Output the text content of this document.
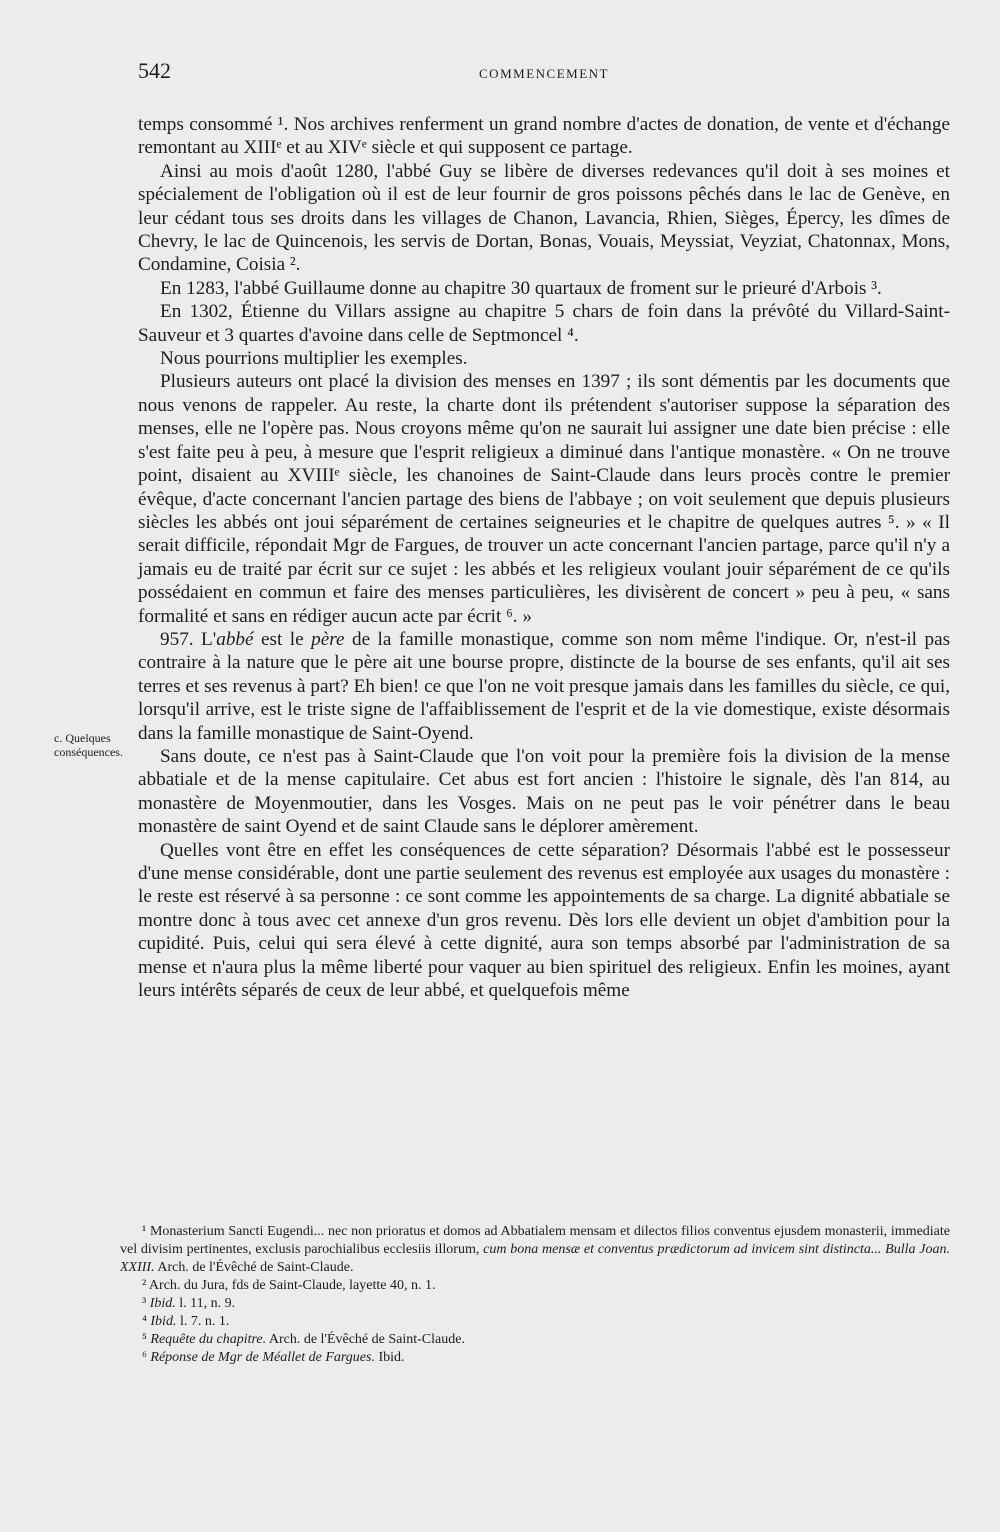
542	COMMENCEMENT
c. Quelques conséquences.

temps consommé ¹. Nos archives renferment un grand nombre d'actes de donation, de vente et d'échange remontant au XIIIᵉ et au XIVᵉ siècle et qui supposent ce partage.

Ainsi au mois d'août 1280, l'abbé Guy se libère de diverses redevances qu'il doit à ses moines et spécialement de l'obligation où il est de leur fournir de gros poissons pêchés dans le lac de Genève, en leur cédant tous ses droits dans les villages de Chanon, Lavancia, Rhien, Sièges, Épercy, les dîmes de Chevry, le lac de Quincenois, les servis de Dortan, Bonas, Vouais, Meyssiat, Veyziat, Chatonnax, Mons, Condamine, Coisia ².

En 1283, l'abbé Guillaume donne au chapitre 30 quartaux de froment sur le prieuré d'Arbois ³.

En 1302, Étienne du Villars assigne au chapitre 5 chars de foin dans la prévôté du Villard-Saint-Sauveur et 3 quartes d'avoine dans celle de Septmoncel ⁴.

Nous pourrions multiplier les exemples.

Plusieurs auteurs ont placé la division des menses en 1397 ; ils sont démentis par les documents que nous venons de rappeler. Au reste, la charte dont ils prétendent s'autoriser suppose la séparation des menses, elle ne l'opère pas. Nous croyons même qu'on ne saurait lui assigner une date bien précise : elle s'est faite peu à peu, à mesure que l'esprit religieux a diminué dans l'antique monastère. « On ne trouve point, disaient au XVIIIᵉ siècle, les chanoines de Saint-Claude dans leurs procès contre le premier évêque, d'acte concernant l'ancien partage des biens de l'abbaye ; on voit seulement que depuis plusieurs siècles les abbés ont joui séparément de certaines seigneuries et le chapitre de quelques autres ⁵. » « Il serait difficile, répondait Mgr de Fargues, de trouver un acte concernant l'ancien partage, parce qu'il n'y a jamais eu de traité par écrit sur ce sujet : les abbés et les religieux voulant jouir séparément de ce qu'ils possédaient en commun et faire des menses particulières, les divisèrent de concert » peu à peu, « sans formalité et sans en rédiger aucun acte par écrit ⁶. »

957. L'abbé est le père de la famille monastique, comme son nom même l'indique. Or, n'est-il pas contraire à la nature que le père ait une bourse propre, distincte de la bourse de ses enfants, qu'il ait ses terres et ses revenus à part? Eh bien! ce que l'on ne voit presque jamais dans les familles du siècle, ce qui, lorsqu'il arrive, est le triste signe de l'affaiblissement de l'esprit et de la vie domestique, existe désormais dans la famille monastique de Saint-Oyend.

Sans doute, ce n'est pas à Saint-Claude que l'on voit pour la première fois la division de la mense abbatiale et de la mense capitulaire. Cet abus est fort ancien : l'histoire le signale, dès l'an 814, au monastère de Moyenmoutier, dans les Vosges. Mais on ne peut pas le voir pénétrer dans le beau monastère de saint Oyend et de saint Claude sans le déplorer amèrement.

Quelles vont être en effet les conséquences de cette séparation? Désormais l'abbé est le possesseur d'une mense considérable, dont une partie seulement des revenus est employée aux usages du monastère : le reste est réservé à sa personne : ce sont comme les appointements de sa charge. La dignité abbatiale se montre donc à tous avec cet annexe d'un gros revenu. Dès lors elle devient un objet d'ambition pour la cupidité. Puis, celui qui sera élevé à cette dignité, aura son temps absorbé par l'administration de sa mense et n'aura plus la même liberté pour vaquer au bien spirituel des religieux. Enfin les moines, ayant leurs intérêts séparés de ceux de leur abbé, et quelquefois même

¹ Monasterium Sancti Eugendi... nec non prioratus et domos ad Abbatialem mensam et dilectos filios conventus ejusdem monasterii, immediate vel divisim pertinentes, exclusis parochialibus ecclesiis illorum, cum bona mensæ et conventus prædictorum ad invicem sint distincta... Bulla Joan. XXIII. Arch. de l'Évêché de Saint-Claude.

² Arch. du Jura, fds de Saint-Claude, layette 40, n. 1.

³ Ibid. l. 11, n. 9.

⁴ Ibid. l. 7. n. 1.

⁵ Requête du chapitre. Arch. de l'Évêché de Saint-Claude.

⁶ Réponse de Mgr de Méallet de Fargues. Ibid.
